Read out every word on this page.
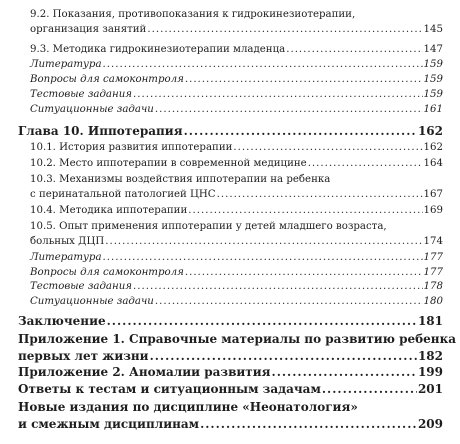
9.2. Показания, противопоказания к гидрокинезиотерапии,
организация занятий .....	145
9.3. Методика гидрокинезиотерапии младенца .....	147
Литература .....	159
Вопросы для самоконтроля .....	159
Тестовые задания .....	159
Ситуационные задачи .....	161
Глава 10. Иппотерапия .....	162
10.1. История развития иппотерапии .....	162
10.2. Место иппотерапии в современной медицине .....	164
10.3. Механизмы воздействия иппотерапии на ребенка
с перинатальной патологией ЦНС .....	167
10.4. Методика иппотерапии .....	169
10.5. Опыт применения иппотерапии у детей младшего возраста,
больных ДЦП .....	174
Литература .....	177
Вопросы для самоконтроля .....	177
Тестовые задания .....	178
Ситуационные задачи .....	180
Заключение .....	181
Приложение 1. Справочные материалы по развитию ребенка
первых лет жизни .....	182
Приложение 2. Аномалии развития .....	199
Ответы к тестам и ситуационным задачам .....	201
Новые издания по дисциплине «Неонатология»
и смежным дисциплинам .....	209
